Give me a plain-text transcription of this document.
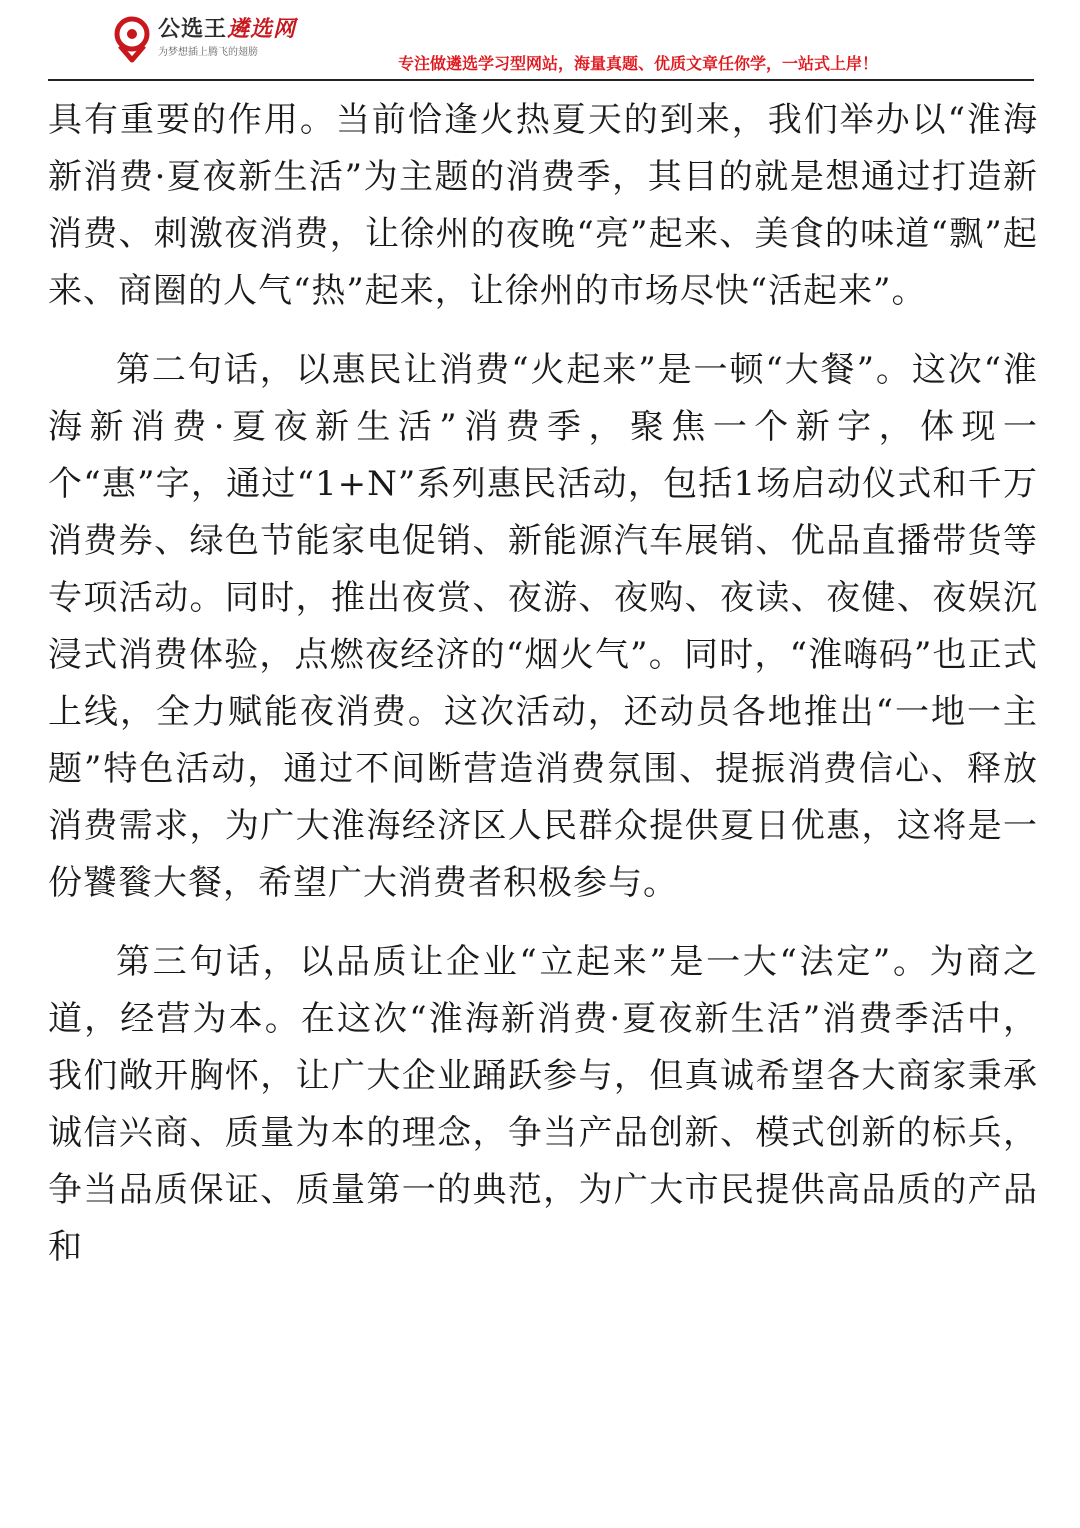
公选王遴选网
为梦想插上腾飞的翅膀
专注做遴选学习型网站，海量真题、优质文章任你学，一站式上岸！

具有重要的作用。当前恰逢火热夏天的到来，我们举办以“淮海新消费·夏夜新生活”为主题的消费季，其目的就是想通过打造新消费、刺激夜消费，让徐州的夜晚“亮”起来、美食的味道“飘”起来、商圈的人气“热”起来，让徐州的市场尽快“活起来”。

第二句话，以惠民让消费“火起来”是一顿“大餐”。这次“淮海新消费·夏夜新生活”消费季，聚焦一个新字，体现一个“惠”字，通过“1+N”系列惠民活动，包括1场启动仪式和千万消费券、绿色节能家电促销、新能源汽车展销、优品直播带货等专项活动。同时，推出夜赏、夜游、夜购、夜读、夜健、夜娱沉浸式消费体验，点燃夜经济的“烟火气”。同时，“淮嗨码”也正式上线，全力赋能夜消费。这次活动，还动员各地推出“一地一主题”特色活动，通过不间断营造消费氛围、提振消费信心、释放消费需求，为广大淮海经济区人民群众提供夏日优惠，这将是一份饕餮大餐，希望广大消费者积极参与。

第三句话，以品质让企业“立起来”是一大“法定”。为商之道，经营为本。在这次“淮海新消费·夏夜新生活”消费季活中，我们敞开胸怀，让广大企业踊跃参与，但真诚希望各大商家秉承诚信兴商、质量为本的理念，争当产品创新、模式创新的标兵，争当品质保证、质量第一的典范，为广大市民提供高品质的产品和
